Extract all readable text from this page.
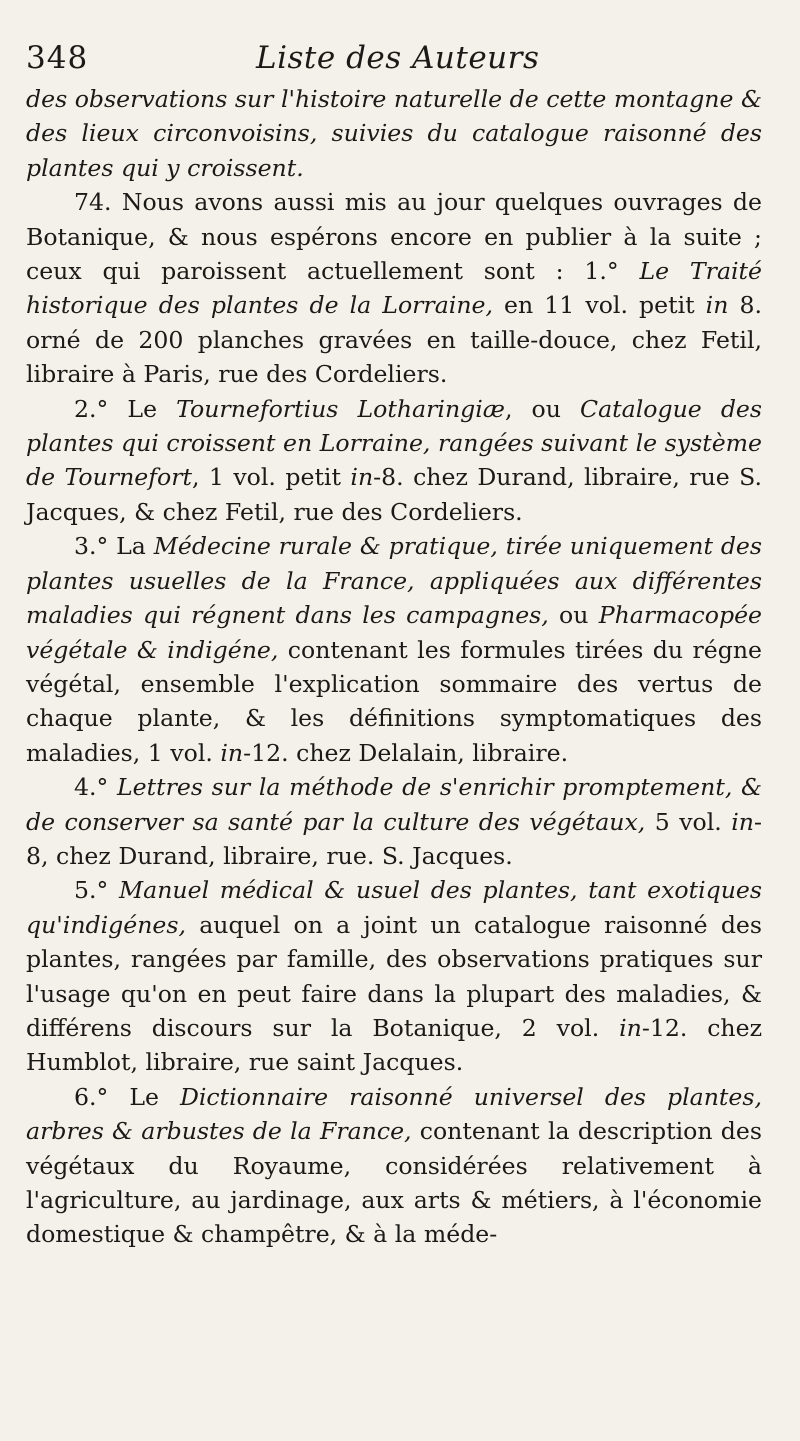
348	Liste des Auteurs

des observations sur l'histoire naturelle de cette montagne & des lieux circonvoisins, suivies du catalogue raisonné des plantes qui y croissent.

74. Nous avons aussi mis au jour quelques ouvrages de Botanique, & nous espérons encore en publier à la suite ; ceux qui paroissent actuellement sont : 1.° Le Traité historique des plantes de la Lorraine, en 11 vol. petit in 8. orné de 200 planches gravées en taille-douce, chez Fetil, libraire à Paris, rue des Cordeliers.

2.° Le Tournefortius Lotharingiæ, ou Catalogue des plantes qui croissent en Lorraine, rangées suivant le système de Tournefort, 1 vol. petit in-8. chez Durand, libraire, rue S. Jacques, & chez Fetil, rue des Cordeliers.

3.° La Médecine rurale & pratique, tirée uniquement des plantes usuelles de la France, appliquées aux différentes maladies qui régnent dans les campagnes, ou Pharmacopée végétale & indigéne, contenant les formules tirées du régne végétal, ensemble l'explication sommaire des vertus de chaque plante, & les définitions symptomatiques des maladies, 1 vol. in-12. chez Delalain, libraire.

4.° Lettres sur la méthode de s'enrichir promptement, & de conserver sa santé par la culture des végétaux, 5 vol. in-8, chez Durand, libraire, rue. S. Jacques.

5.° Manuel médical & usuel des plantes, tant exotiques qu'indigénes, auquel on a joint un catalogue raisonné des plantes, rangées par famille, des observations pratiques sur l'usage qu'on en peut faire dans la plupart des maladies, & différens discours sur la Botanique, 2 vol. in-12. chez Humblot, libraire, rue saint Jacques.

6.° Le Dictionnaire raisonné universel des plantes, arbres & arbustes de la France, contenant la description des végétaux du Royaume, considérées relativement à l'agriculture, au jardinage, aux arts & métiers, à l'économie domestique & champêtre, & à la méde-
